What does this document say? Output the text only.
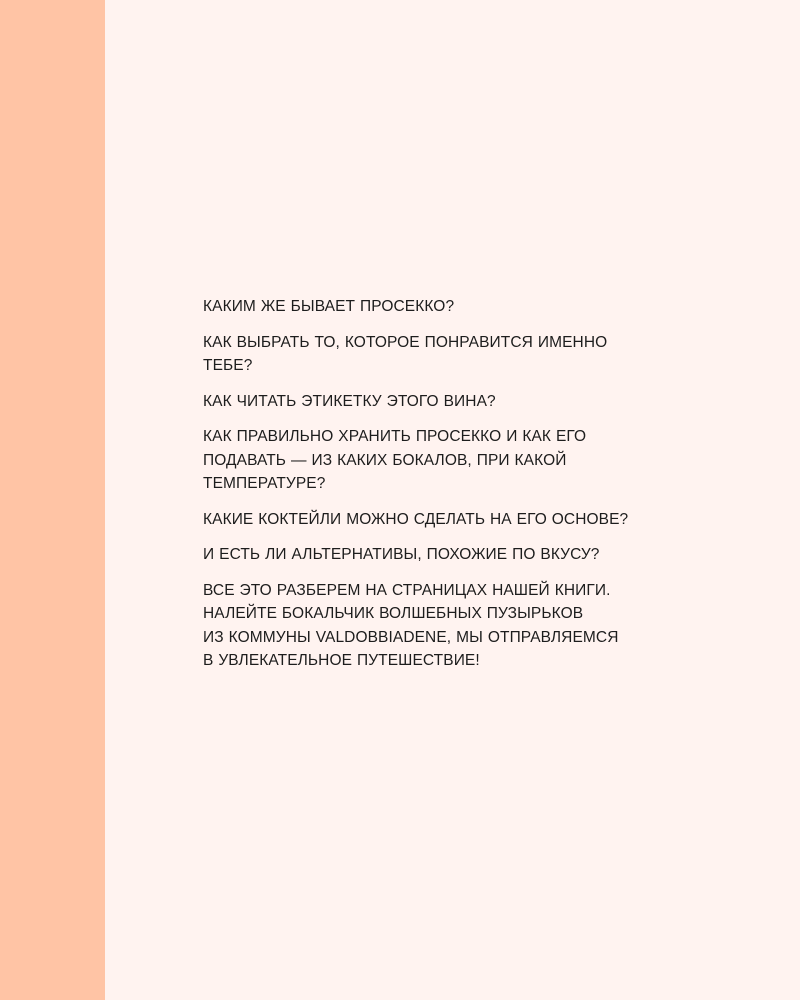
КАКИМ ЖЕ БЫВАЕТ ПРОСЕККО?

КАК ВЫБРАТЬ ТО, КОТОРОЕ ПОНРАВИТСЯ ИМЕННО
ТЕБЕ?

КАК ЧИТАТЬ ЭТИКЕТКУ ЭТОГО ВИНА?

КАК ПРАВИЛЬНО ХРАНИТЬ ПРОСЕККО И КАК ЕГО
ПОДАВАТЬ — ИЗ КАКИХ БОКАЛОВ, ПРИ КАКОЙ
ТЕМПЕРАТУРЕ?

КАКИЕ КОКТЕЙЛИ МОЖНО СДЕЛАТЬ НА ЕГО ОСНОВЕ?

И ЕСТЬ ЛИ АЛЬТЕРНАТИВЫ, ПОХОЖИЕ ПО ВКУСУ?

ВСЕ ЭТО РАЗБЕРЕМ НА СТРАНИЦАХ НАШЕЙ КНИГИ.
НАЛЕЙТЕ БОКАЛЬЧИК ВОЛШЕБНЫХ ПУЗЫРЬКОВ
ИЗ КОММУНЫ VALDOBBIADENE, МЫ ОТПРАВЛЯЕМСЯ
В УВЛЕКАТЕЛЬНОЕ ПУТЕШЕСТВИЕ!
